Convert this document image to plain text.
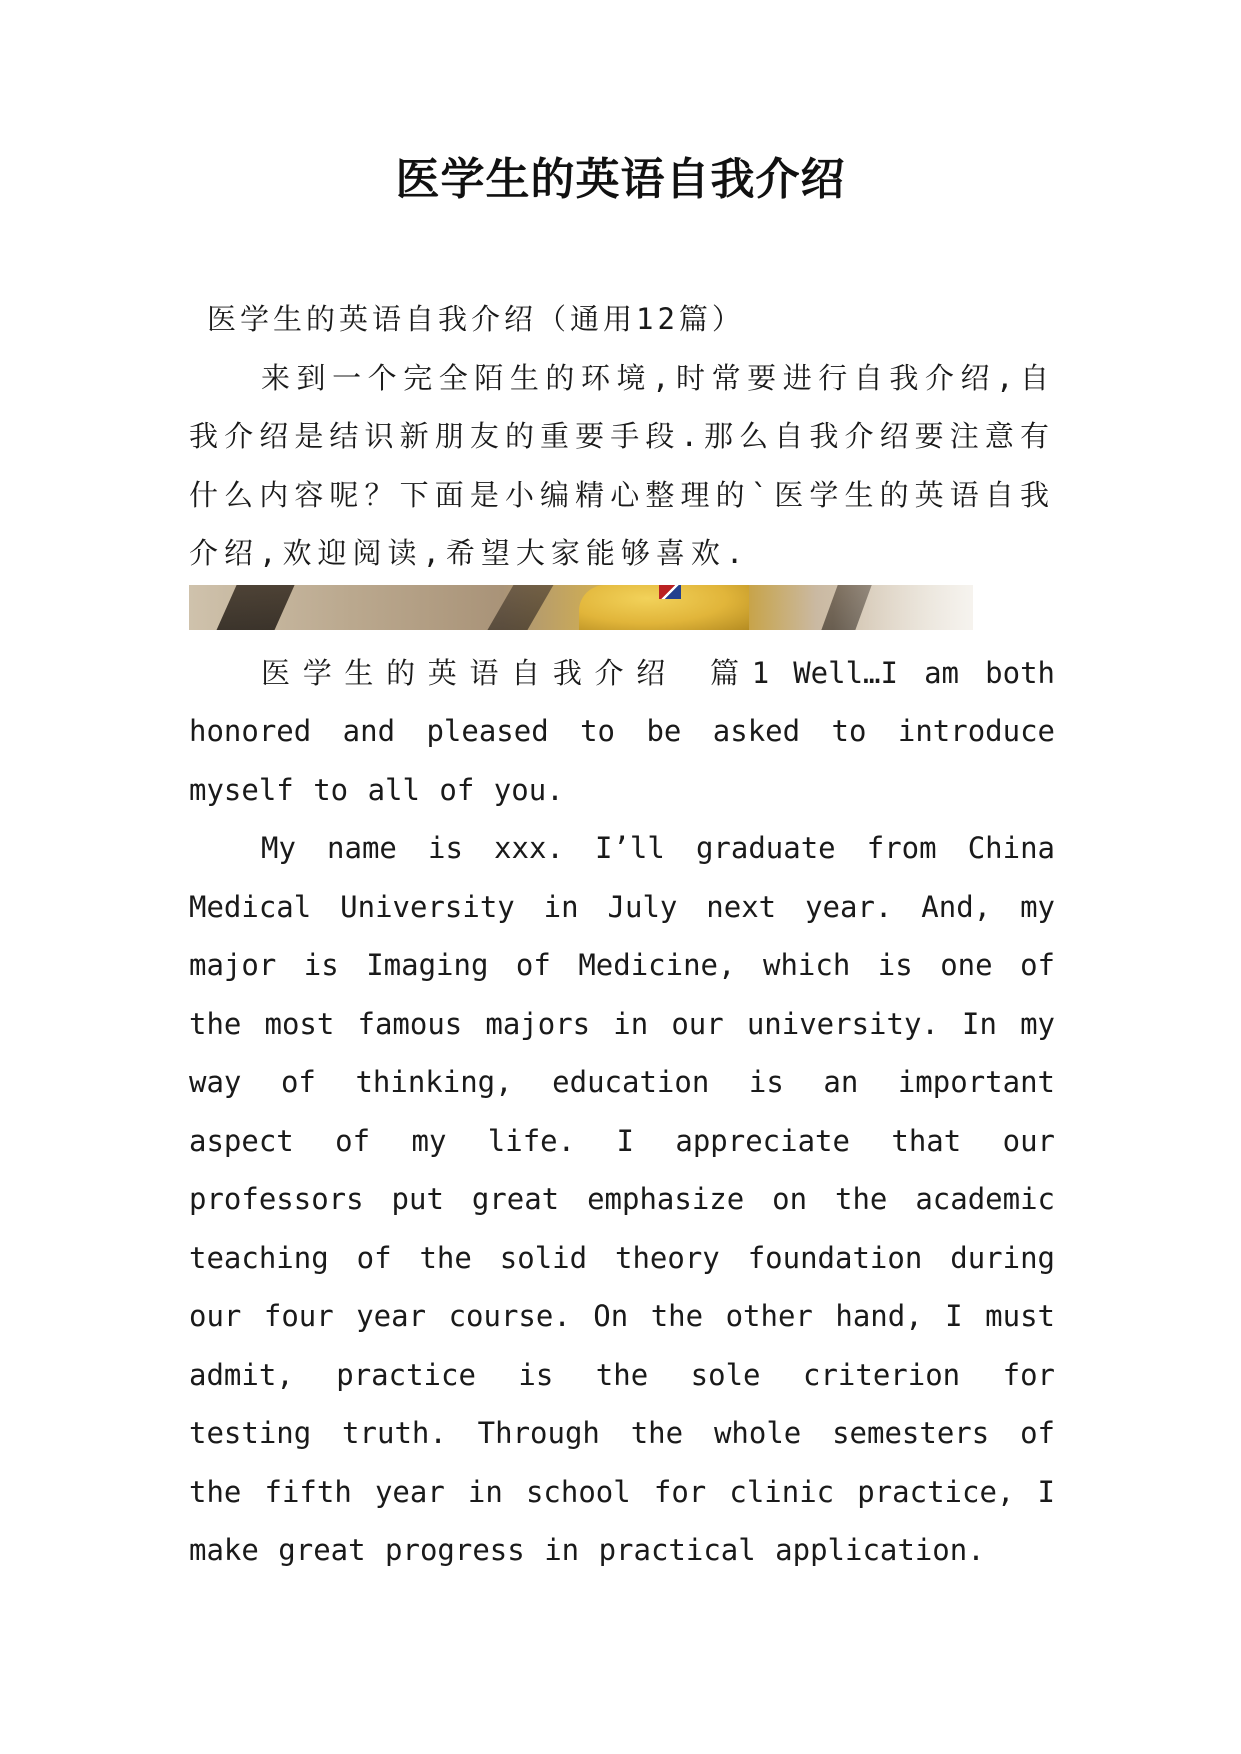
医学生的英语自我介绍

医学生的英语自我介绍（通用12篇）

来到一个完全陌生的环境,时常要进行自我介绍,自我介绍是结识新朋友的重要手段.那么自我介绍要注意有什么内容呢？下面是小编精心整理的`医学生的英语自我介绍,欢迎阅读,希望大家能够喜欢.

医学生的英语自我介绍 篇1 Well…I am both honored and pleased to be asked to introduce myself to all of you.

My name is xxx. I’ll graduate from China Medical University in July next year. And, my major is Imaging of Medicine, which is one of the most famous majors in our university. In my way of thinking, education is an important aspect of my life. I appreciate that our professors put great emphasize on the academic teaching of the solid theory foundation during our four year course. On the other hand, I must admit, practice is the sole criterion for testing truth. Through the whole semesters of the fifth year in school for clinic practice, I make great progress in practical application.
